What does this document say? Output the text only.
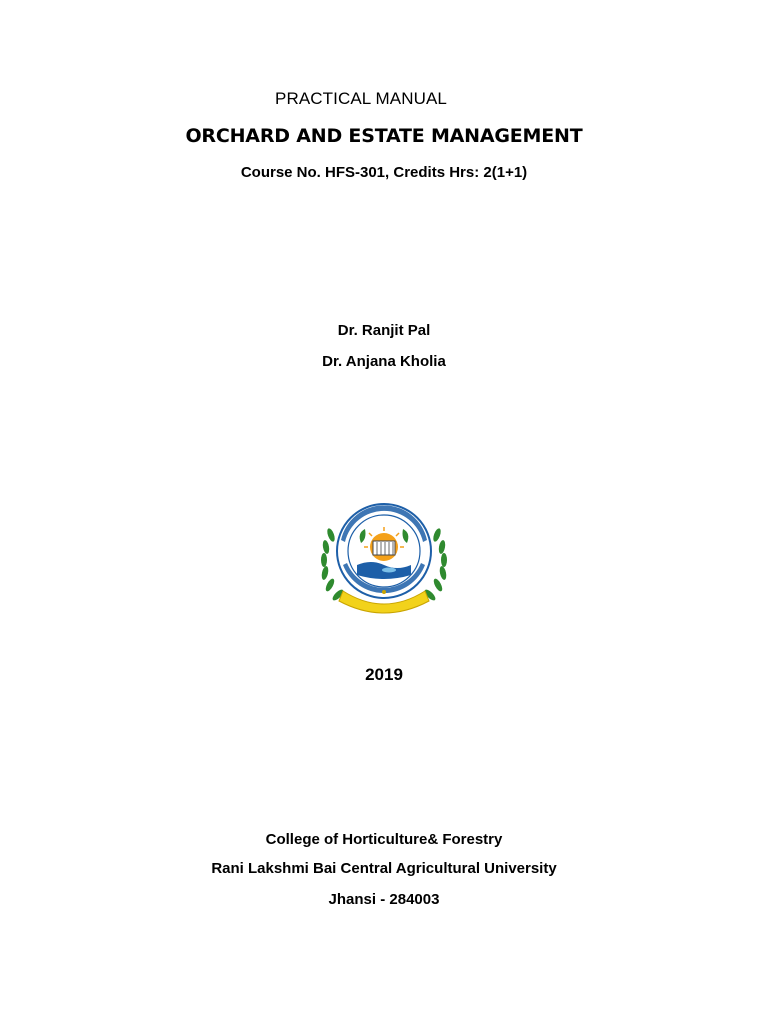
PRACTICAL MANUAL
ORCHARD AND ESTATE MANAGEMENT
Course No. HFS-301, Credits Hrs: 2(1+1)
Dr. Ranjit Pal
Dr. Anjana Kholia
2019
College of Horticulture& Forestry
Rani Lakshmi Bai Central Agricultural University
Jhansi - 284003
